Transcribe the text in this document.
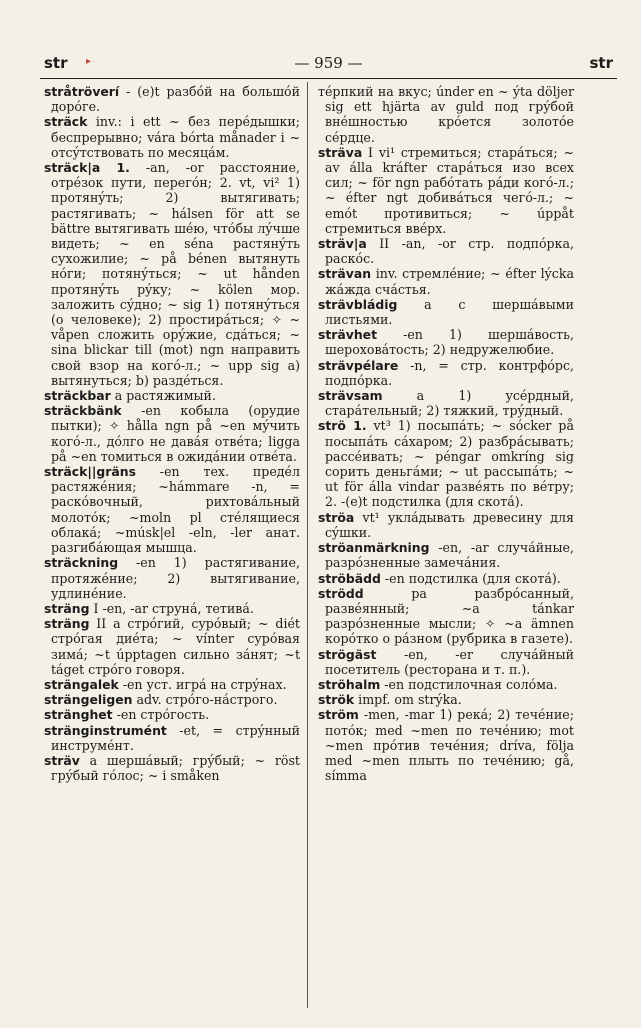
str ▸	— 959 —	str

stråtröverí - (e)t разбóй на большóй дорóге.

sträck inv.: i ett ~ без перéдышки; беспрерывно; vára bórta månader i ~ отсýтствовать по месяцáм.

sträck|a 1. -an, -or расстояние, отрéзок пути, перегóн; 2. vt, vi² 1) протянýть; 2) вытягивать; растягивать; ~ hálsen för att se bättre вытягивать шéю, чтóбы лýчше видеть; ~ en séna растянýть сухожилие; ~ på bénen вытянуть нóги; потянýться; ~ ut hånden протянýть рýку; ~ kölen мор. заложить сýдно; ~ sig 1) потянýться (о человеке); 2) простирáться; ✧ ~ våpen сложить орýжие, сдáться; ~ sina blickar till (mot) ngn направить свой взор на когó-л.; ~ upp sig a) вытянуться; b) раздéться.

sträckbar a растяжимый.

sträckbänk -en кобыла (орудие пытки); ✧ hålla ngn på ~en мýчить когó-л., дóлго не давáя отвéта; ligga på ~en томиться в ожидáнии отвéта.

sträck||gräns -en тех. предéл растяжéния; ~hámmare -n, = раскóвочный, рихтовáльный молотóк; ~moln pl стéлящиеся облакá; ~músk|el -eln, -ler анат. разгибáющая мышца.

sträckning -en 1) растягивание, протяжéние; 2) вытягивание, удлинéние.

sträng I -en, -ar струнá, тетивá.

sträng II a стрóгий, сурóвый; ~ diét стрóгая диéта; ~ vínter сурóвая зимá; ~t úpptagen сильно зáнят; ~t táget стрóго говоря.

strängalek -en уст. игрá на стрýнах.

strängeligen adv. стрóго-нáстрого.

stränghet -en стрóгость.

stränginstrumént -et, = стрýнный инструмéнт.

sträv a шершáвый; грýбый; ~ röst грýбый гóлос; ~ i småken

тéрпкий на вкус; únder en ~ ýta döljer sig ett hjärta av guld под грýбой внéшностью крóется золотóе сéрдце.

sträva I vi¹ стремиться; старáться; ~ av álla kráfter старáться изо всех сил; ~ för ngn рабóтать рáди когó-л.; ~ éfter ngt добивáться чегó-л.; ~ emót противиться; ~ úppåt стремиться ввéрх.

sträv|a II -an, -or стр. подпóрка, раскóс.

strävan inv. стремлéние; ~ éfter lýcka жáжда счáстья.

strävbládig a с шершáвыми листьями.

strävhet -en 1) шершáвость, шероховáтость; 2) недружелюбие.

strävpélare -n, = стр. контрфóрс, подпóрка.

strävsam a 1) усéрдный, старáтельный; 2) тяжкий, трýдный.

strö 1. vt³ 1) посыпáть; ~ sócker på посыпáть сáхаром; 2) разбрáсывать; рассéивать; ~ péngar omkríng sig сорить деньгáми; ~ ut рассыпáть; ~ ut för álla vindar развéять по вéтру; 2. -(e)t подстилка (для скотá).

ströa vt¹ уклáдывать древесину для сýшки.

ströanmärkning -en, -ar случáйные, разрóзненные замечáния.

ströbädd -en подстилка (для скотá).

strödd pa разбрóсанный, развéянный; ~a tánkar разрóзненные мысли; ✧ ~a ämnen корóтко о рáзном (рубрика в газете).

strögäst -en, -er случáйный посетитель (ресторана и т. п.).

ströhalm -en подстилочная солóма.

strök impf. om strýka.

ström -men, -mar 1) рекá; 2) течéние; потóк; med ~men по течéнию; mot ~men прóтив течéния; dríva, följa med ~men плыть по течéнию; gå, símma
